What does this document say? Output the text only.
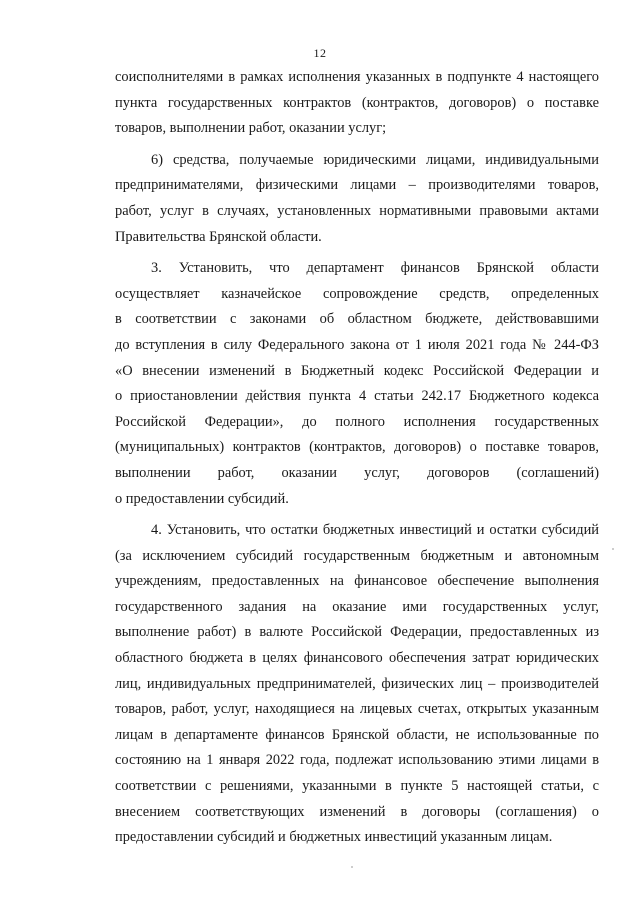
12
соисполнителями в рамках исполнения указанных в подпункте 4 настоящего
пункта государственных контрактов (контрактов, договоров) о поставке
товаров, выполнении работ, оказании услуг;
6) средства, получаемые юридическими лицами, индивидуальными
предпринимателями, физическими лицами – производителями товаров,
работ, услуг в случаях, установленных нормативными правовыми актами
Правительства Брянской области.
3. Установить, что департамент финансов Брянской области
осуществляет казначейское сопровождение средств, определенных
в соответствии с законами об областном бюджете, действовавшими
до вступления в силу Федерального закона от 1 июля 2021 года № 244-ФЗ
«О внесении изменений в Бюджетный кодекс Российской Федерации и
о приостановлении действия пункта 4 статьи 242.17 Бюджетного кодекса
Российской Федерации», до полного исполнения государственных
(муниципальных) контрактов (контрактов, договоров) о поставке товаров,
выполнении работ, оказании услуг, договоров (соглашений)
о предоставлении субсидий.
4. Установить, что остатки бюджетных инвестиций и остатки субсидий
(за исключением субсидий государственным бюджетным и автономным
учреждениям, предоставленных на финансовое обеспечение выполнения
государственного задания на оказание ими государственных услуг,
выполнение работ) в валюте Российской Федерации, предоставленных из
областного бюджета в целях финансового обеспечения затрат юридических
лиц, индивидуальных предпринимателей, физических лиц – производителей
товаров, работ, услуг, находящиеся на лицевых счетах, открытых указанным
лицам в департаменте финансов Брянской области, не использованные по
состоянию на 1 января 2022 года, подлежат использованию этими лицами в
соответствии с решениями, указанными в пункте 5 настоящей статьи, с
внесением соответствующих изменений в договоры (соглашения) о
предоставлении субсидий и бюджетных инвестиций указанным лицам.
